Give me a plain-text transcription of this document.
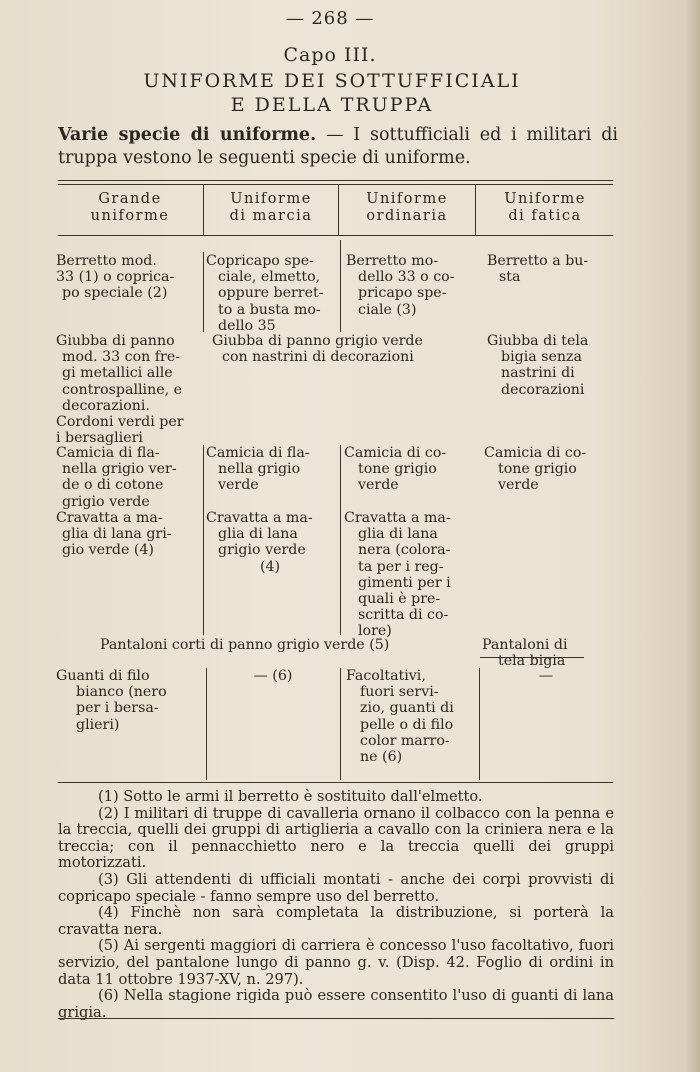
— 268 —
Capo III.
UNIFORME DEI SOTTUFFICIALI
E DELLA TRUPPA
Varie specie di uniforme. — I sottufficiali ed i militari di truppa vestono le seguenti specie di uniforme.
Grande
uniforme
Uniforme
di marcia
Uniforme
ordinaria
Uniforme
di fatica
Berretto mod.
33 (1) o coprica-
po speciale (2)
Copricapo spe-
ciale, elmetto,
oppure berret-
to a busta mo-
dello 35
Berretto mo-
dello 33 o co-
pricapo spe-
ciale (3)
Berretto a bu-
sta
Giubba di panno
mod. 33 con fre-
gi metallici alle
controspalline, e
decorazioni.
Cordoni verdi per
i bersaglieri
Giubba di panno grigio verde
con nastrini di decorazioni
Giubba di tela
bigia senza
nastrini di
decorazioni
Camicia di fla-
nella grigio ver-
de o di cotone
grigio verde
Camicia di fla-
nella grigio
verde
Camicia di co-
tone grigio
verde
Camicia di co-
tone grigio
verde
Cravatta a ma-
glia di lana gri-
gio verde (4)
Cravatta a ma-
glia di lana
grigio verde
(4)
Cravatta a ma-
glia di lana
nera (colora-
ta per i reg-
gimenti per i
quali è pre-
scritta di co-
lore)
Pantaloni corti di panno grigio verde (5)	Pantaloni di
tela bigia
Guanti di filo
bianco (nero
per i bersa-
glieri)
— (6)	Facoltativi,
fuori servi-
zio, guanti di
pelle o di filo
color marro-
ne (6)
—

(1) Sotto le armi il berretto è sostituito dall'elmetto.

(2) I militari di truppe di cavalleria ornano il colbacco con la penna e la treccia, quelli dei gruppi di artiglieria a cavallo con la criniera nera e la treccia; con il pennacchietto nero e la treccia quelli dei gruppi motorizzati.

(3) Gli attendenti di ufficiali montati - anche dei corpi provvisti di copricapo speciale - fanno sempre uso del berretto.

(4) Finchè non sarà completata la distribuzione, si porterà la cravatta nera.

(5) Ai sergenti maggiori di carriera è concesso l'uso facoltativo, fuori servizio, del pantalone lungo di panno g. v. (Disp. 42. Foglio di ordini in data 11 ottobre 1937-XV, n. 297).

(6) Nella stagione rigida può essere consentito l'uso di guanti di lana grigia.
